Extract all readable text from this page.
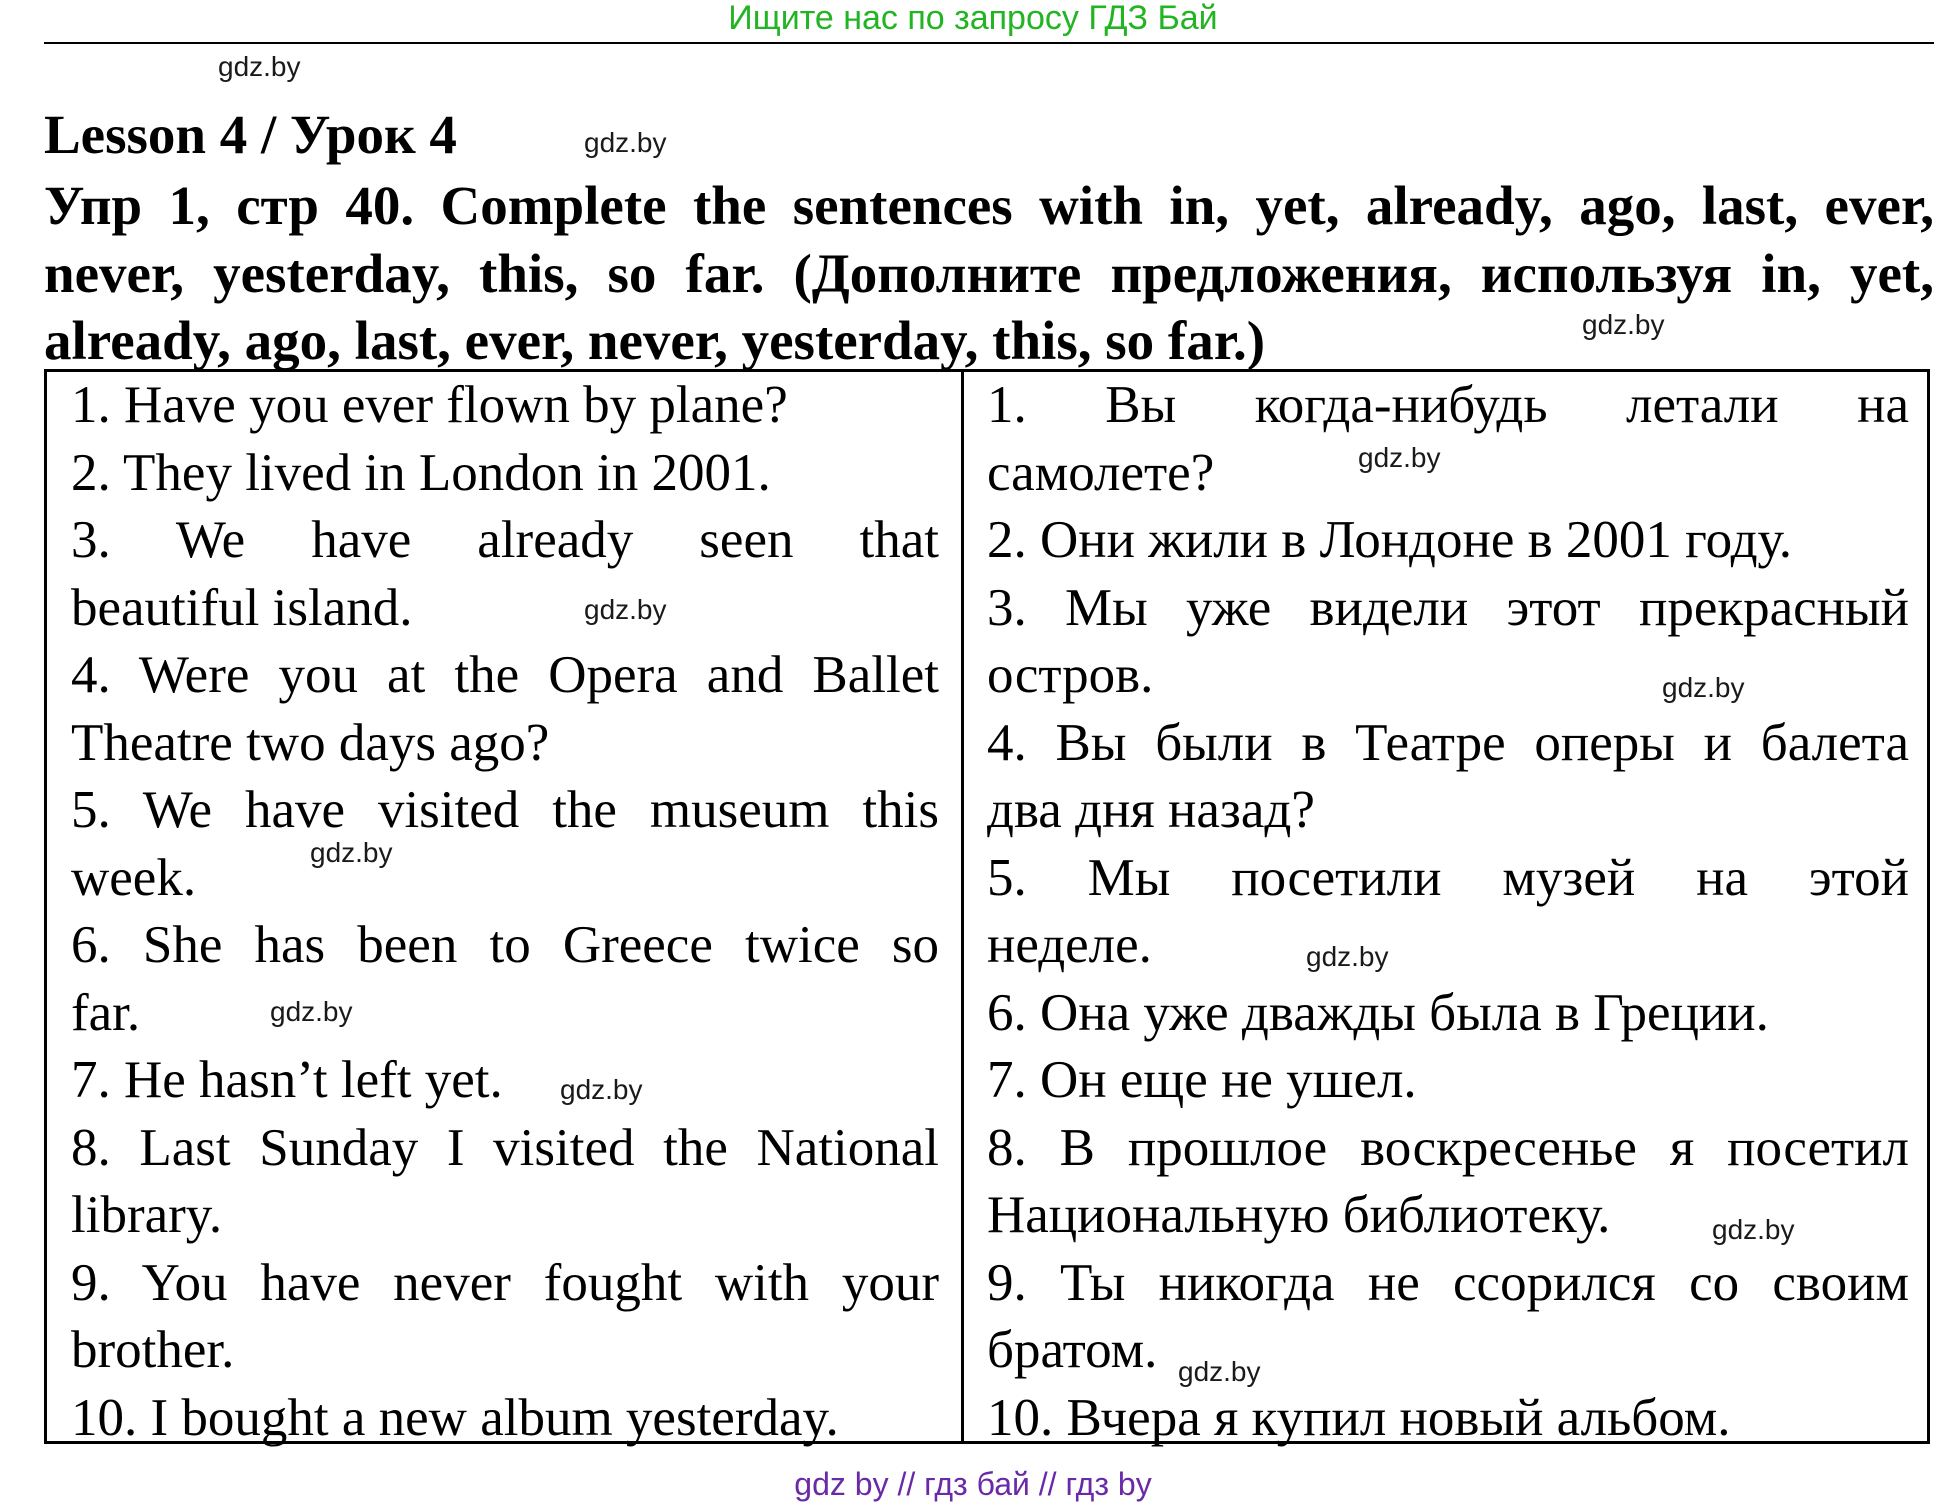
Ищите нас по запросу ГДЗ Бай
gdz.by
Lesson 4 / Урок 4	gdz.by
Упр 1, стр 40. Complete the sentences with in, yet, already, ago, last, ever,
never, yesterday, this, so far. (Дополните предложения, используя in, yet,
already, ago, last, ever, never, yesterday, this, so far.)	gdz.by
1. Have you ever flown by plane?
2. They lived in London in 2001.
3. We have already seen that
beautiful island.
4. Were you at the Opera and Ballet
Theatre two days ago?
5. We have visited the museum this
week.
6. She has been to Greece twice so
far.
7. He hasn’t left yet.
8. Last Sunday I visited the National
library.
9. You have never fought with your
brother.
10. I bought a new album yesterday.
1. Вы когда-нибудь летали на
самолете?
2. Они жили в Лондоне в 2001 году.
3. Мы уже видели этот прекрасный
остров.
4. Вы были в Театре оперы и балета
два дня назад?
5. Мы посетили музей на этой
неделе.
6. Она уже дважды была в Греции.
7. Он еще не ушел.
8. В прошлое воскресенье я посетил
Национальную библиотеку.
9. Ты никогда не ссорился со своим
братом.
10. Вчера я купил новый альбом.
gdz.by
gdz.by
gdz.by
gdz.by
gdz.by
gdz.by
gdz.by
gdz.by
gdz.by
gdz by // гдз бай // гдз by
